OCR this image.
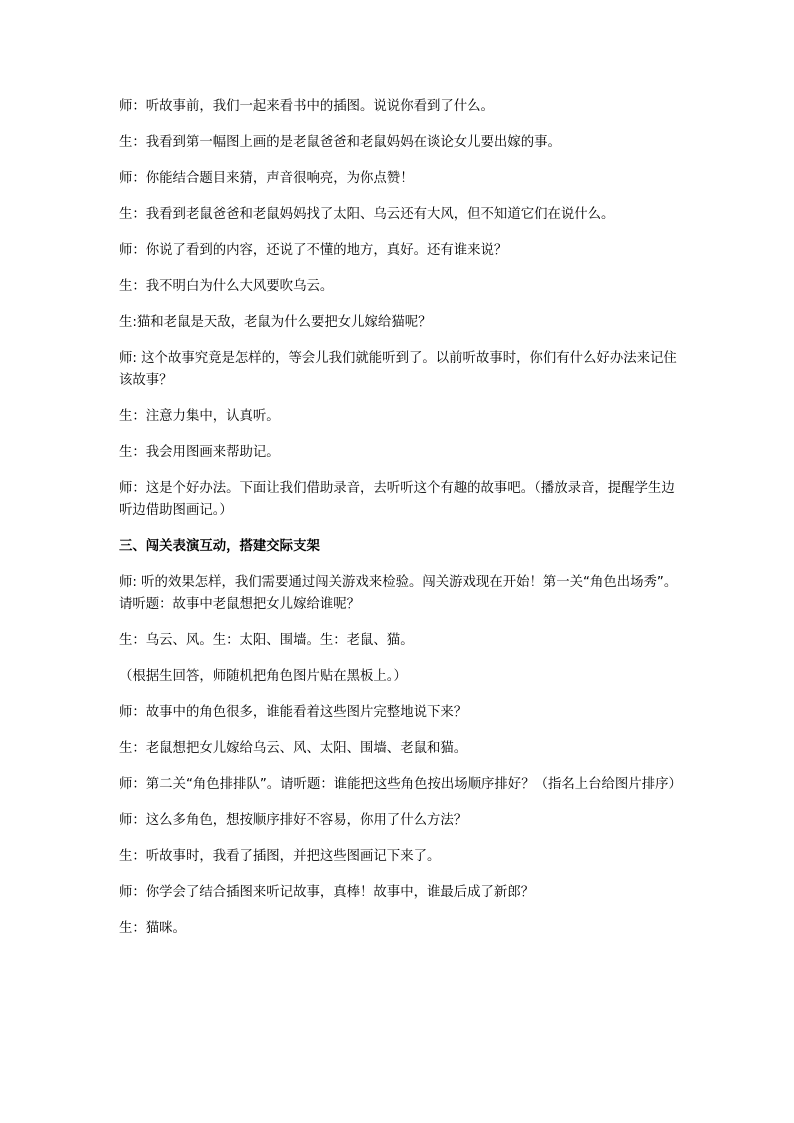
师：听故事前，我们一起来看书中的插图。说说你看到了什么。

生：我看到第一幅图上画的是老鼠爸爸和老鼠妈妈在谈论女儿要出嫁的事。

师：你能结合题目来猜，声音很响亮，为你点赞！

生：我看到老鼠爸爸和老鼠妈妈找了太阳、乌云还有大风，但不知道它们在说什么。

师：你说了看到的内容，还说了不懂的地方，真好。还有谁来说？

生：我不明白为什么大风要吹乌云。

生:猫和老鼠是天敌，老鼠为什么要把女儿嫁给猫呢？

师: 这个故事究竟是怎样的，等会儿我们就能听到了。以前听故事时，你们有什么好办法来记住该故事？

生：注意力集中，认真听。

生：我会用图画来帮助记。

师：这是个好办法。下面让我们借助录音，去听听这个有趣的故事吧。（播放录音，提醒学生边听边借助图画记。）

三、闯关表演互动，搭建交际支架

师: 听的效果怎样，我们需要通过闯关游戏来检验。闯关游戏现在开始！第一关“角色出场秀”。请听题：故事中老鼠想把女儿嫁给谁呢？

生：乌云、风。生：太阳、围墙。生：老鼠、猫。

（根据生回答，师随机把角色图片贴在黑板上。）

师：故事中的角色很多，谁能看着这些图片完整地说下来？

生：老鼠想把女儿嫁给乌云、风、太阳、围墙、老鼠和猫。

师：第二关“角色排排队”。请听题：谁能把这些角色按出场顺序排好？（指名上台给图片排序）

师：这么多角色，想按顺序排好不容易，你用了什么方法？

生：听故事时，我看了插图，并把这些图画记下来了。

师：你学会了结合插图来听记故事，真棒！故事中，谁最后成了新郎？

生：猫咪。
